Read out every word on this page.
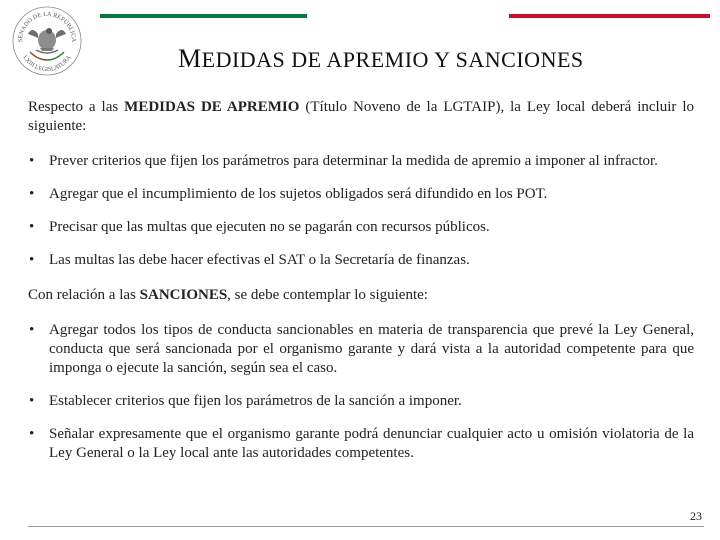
SENADO DE LA REPÚBLICA
LXIII LEGISLATURA	MEDIDAS DE APREMIO Y SANCIONES

Respecto a las MEDIDAS DE APREMIO (Título Noveno de la LGTAIP), la Ley local deberá incluir lo siguiente:

• Prever criterios que fijen los parámetros para determinar la medida de apremio a imponer al infractor.
• Agregar que el incumplimiento de los sujetos obligados será difundido en los POT.
• Precisar que las multas que ejecuten no se pagarán con recursos públicos.
• Las multas las debe hacer efectivas el SAT o la Secretaría de finanzas.

Con relación a las SANCIONES, se debe contemplar lo siguiente:

• Agregar todos los tipos de conducta sancionables en materia de transparencia que prevé la Ley General, conducta que será sancionada por el organismo garante y dará vista a la autoridad competente para que imponga o ejecute la sanción, según sea el caso.
• Establecer criterios que fijen los parámetros de la sanción a imponer.
• Señalar expresamente que el organismo garante podrá denunciar cualquier acto u omisión violatoria de la Ley General o la Ley local ante las autoridades competentes.
23
